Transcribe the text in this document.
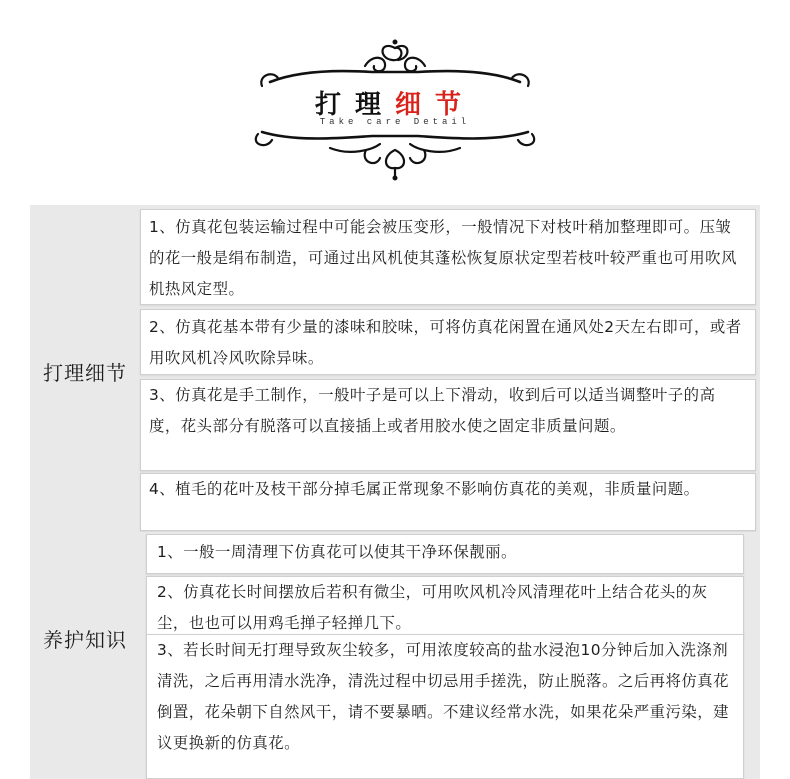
打理细节
Take care Detail
打理细节

1、仿真花包装运输过程中可能会被压变形，一般情况下对枝叶稍加整理即可。压皱的花一般是绢布制造，可通过出风机使其蓬松恢复原状定型若枝叶较严重也可用吹风机热风定型。

2、仿真花基本带有少量的漆味和胶味，可将仿真花闲置在通风处2天左右即可，或者用吹风机冷风吹除异味。

3、仿真花是手工制作，一般叶子是可以上下滑动，收到后可以适当调整叶子的高度，花头部分有脱落可以直接插上或者用胶水使之固定非质量问题。

4、植毛的花叶及枝干部分掉毛属正常现象不影响仿真花的美观，非质量问题。

养护知识

1、一般一周清理下仿真花可以使其干净环保靓丽。

2、仿真花长时间摆放后若积有微尘，可用吹风机冷风清理花叶上结合花头的灰尘，也也可以用鸡毛掸子轻掸几下。

3、若长时间无打理导致灰尘较多，可用浓度较高的盐水浸泡10分钟后加入洗涤剂清洗，之后再用清水洗净，清洗过程中切忌用手搓洗，防止脱落。之后再将仿真花倒置，花朵朝下自然风干，请不要暴晒。不建议经常水洗，如果花朵严重污染，建议更换新的仿真花。
